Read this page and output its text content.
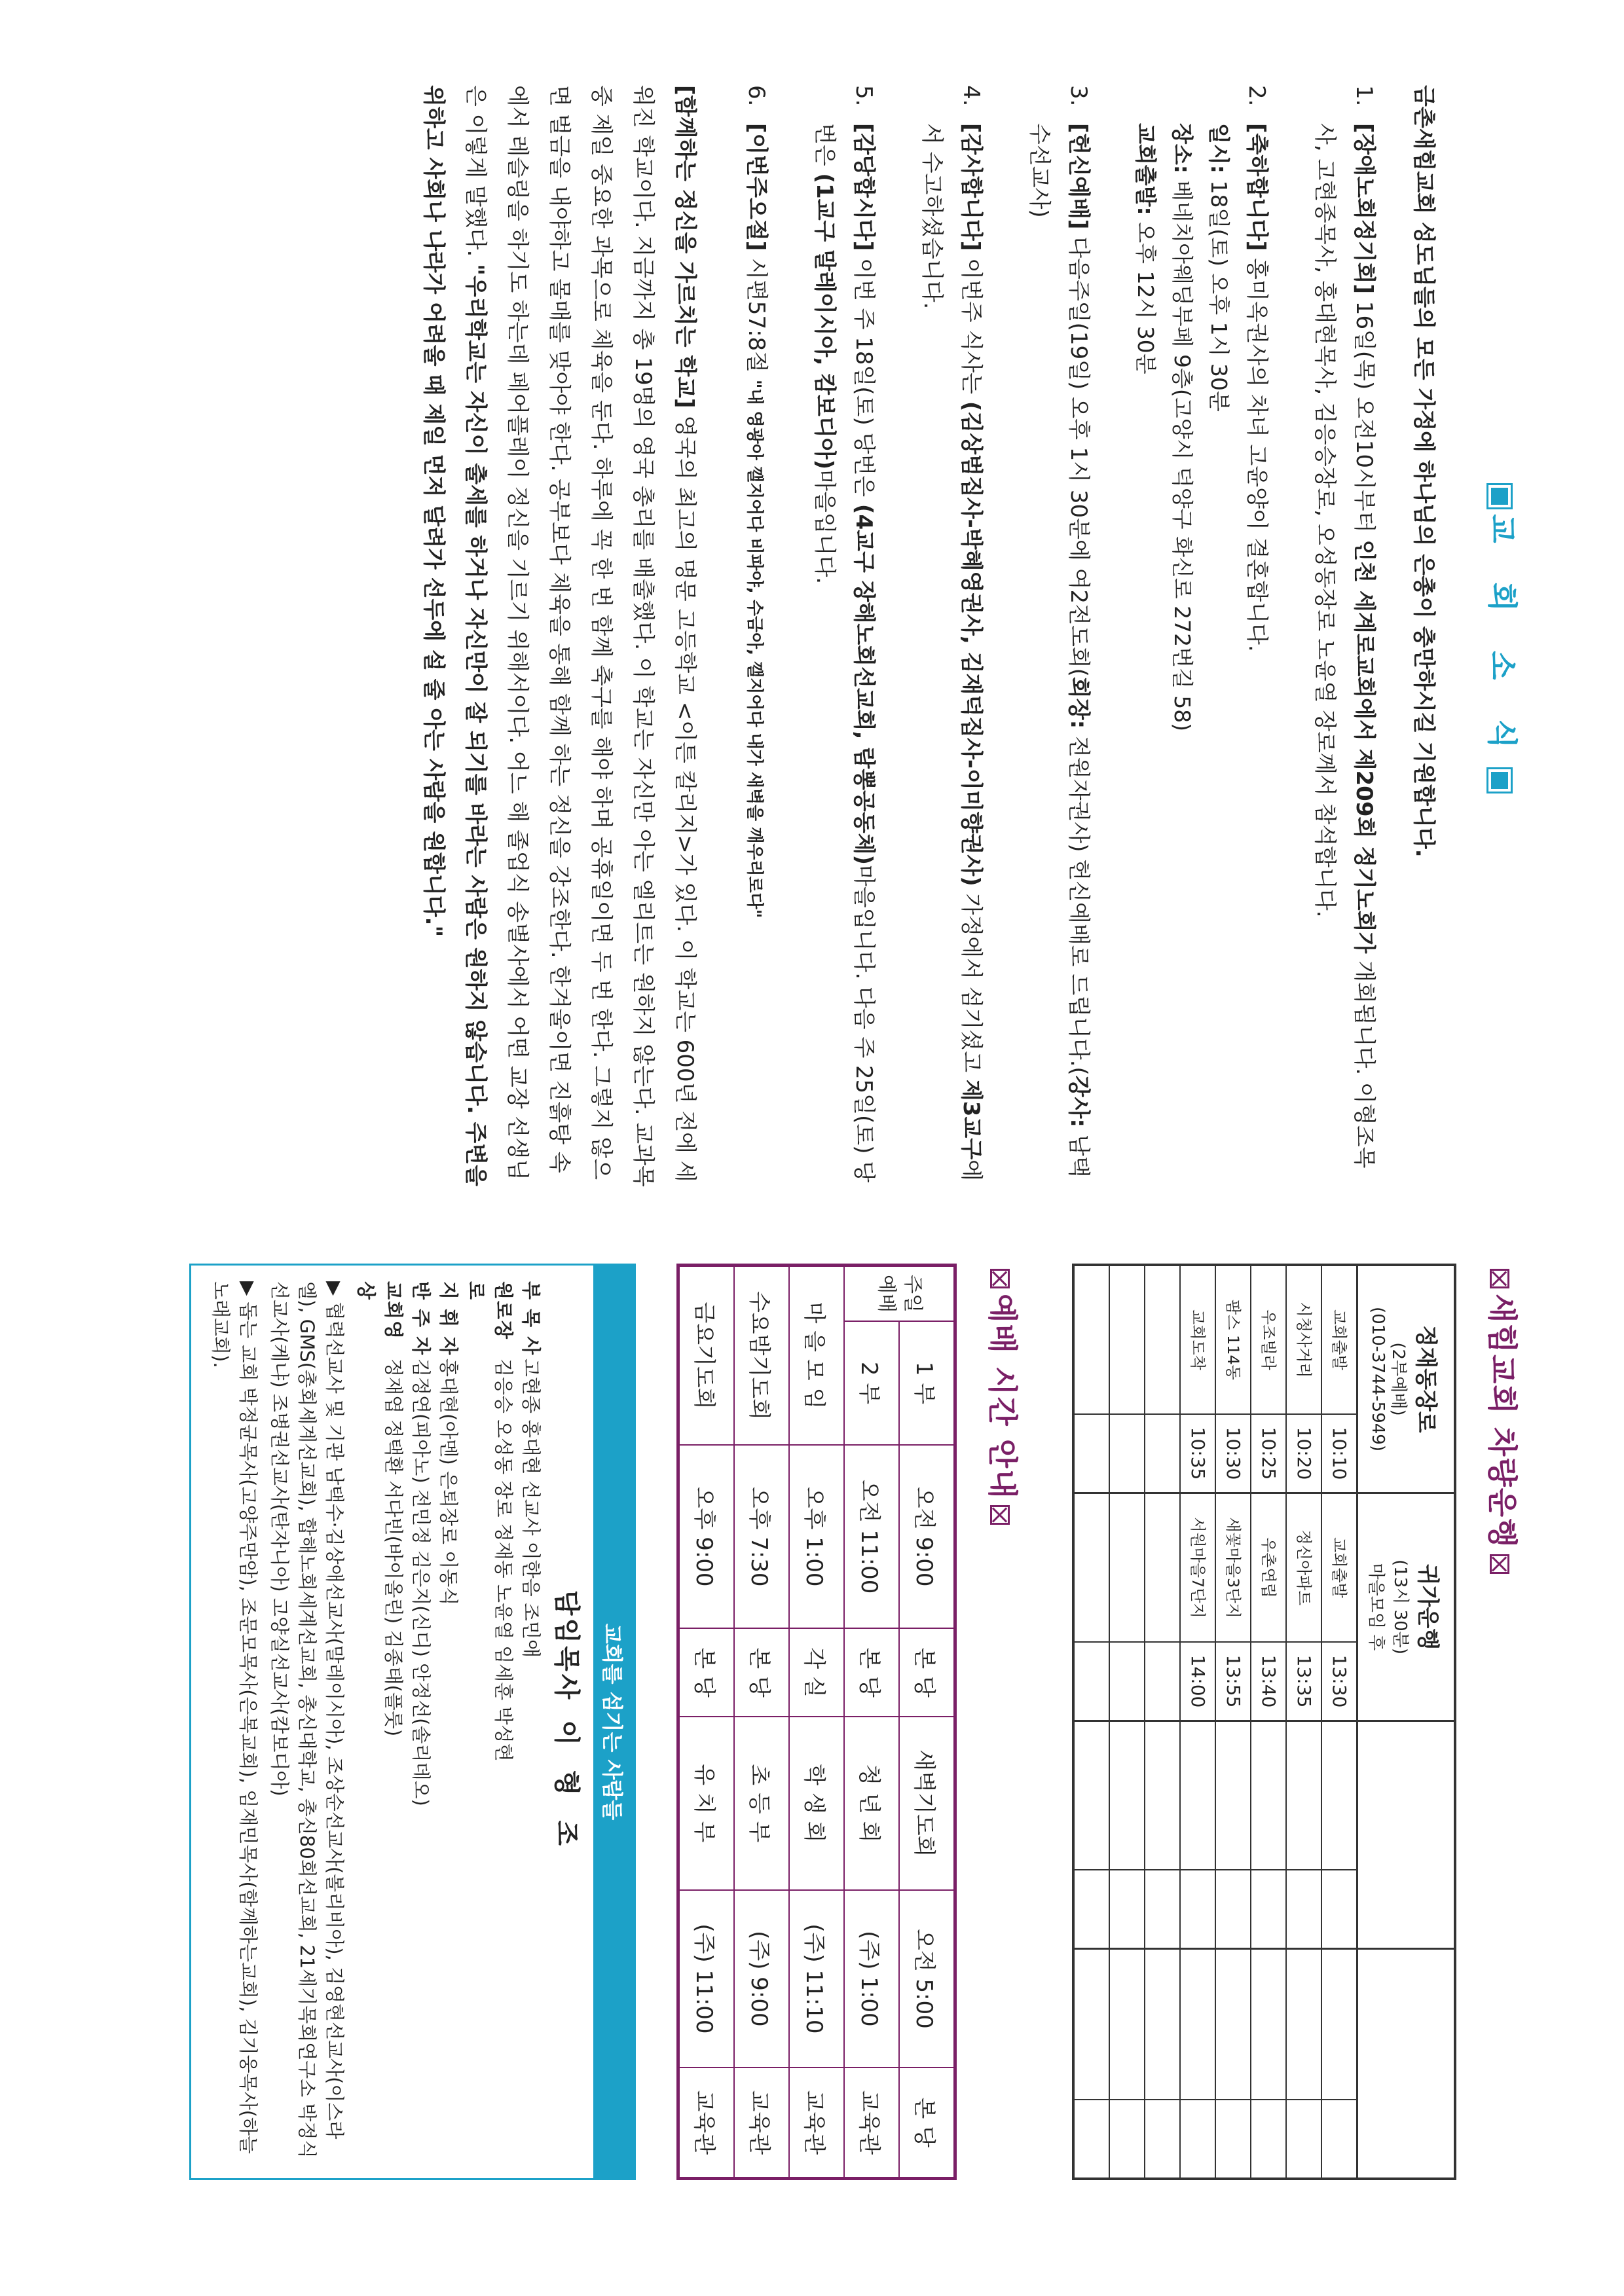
교 회 소 식

금촌새힘교회 성도님들의 모든 가정에 하나님의 은총이 충만하시길 기원합니다.

1.
[장애노회정기회] 16일(목) 오전10시부터 인천 세계로교회에서 제209회 정기노회가 개회됩니다. 이형조목사, 고현종목사, 홍대현목사, 김응승장로, 오성동장로 노윤열 장로께서 참석합니다.
2.
[축하합니다] 홍미옥권사의 차녀 고윤양이 결혼합니다.

일시: 18일(토) 오후 1시 30분

장소: 베네치아웨딩부페 9층(고양시 덕양구 화신로 272번길 58)

교회출발: 오후 12시 30분

3.
[헌신예배] 다음주일(19일) 오후 1시 30분에 여2전도회(회장: 전원자권사) 헌신예배로 드립니다.(강사: 남택수선교사)
4.
[감사합니다] 이번주 식사는 (김상범집사-박혜영권사, 김재덕집사-이미향권사) 가정에서 섬기셨고 제3교구에서 수고하셨습니다.
5.
[감당합시다] 이번 주 18일(토) 당번은 (4교구 장해노회선교회, 람뽕공동체)마을입니다. 다음 주 25일(토) 당번은 (1교구 말레이시아, 캄보디아)마을입니다.
6.
[이번주오절] 시편57:8절 "내 영광아 깰지어다 비파야, 수금아, 깰지어다 내가 새벽을 깨우리로다"
[함께하는 정신을 가르치는 학교] 영국의 최고의 명문 고등학교 <이튼 칼리지>가 있다. 이 학교는 600년 전에 세워진 학교이다. 지금까지 총 19명의 영국 총리를 배출했다. 이 학교는 자신만 아는 엘리트는 원하지 않는다. 교과목 중 제일 중요한 과목으로 체육을 둔다. 하루에 꼭 한 번 함께 축구를 해야 하며 공휴일이면 두 번 한다. 그렇지 않으면 벌금을 내야하고 몰매를 맞아야 한다. 공부보다 체육을 통해 함께 하는 정신을 강조한다. 한겨울이면 진흙탕 속에서 레슬링을 하기도 하는데 페어플레이 정신을 기르기 위해서이다. 어느 해 졸업식 송별사에서 어떤 교장 선생님은 이렇게 말했다. "우리학교는 자신이 출세를 하거나 자신만이 잘 되기를 바라는 사람은 원하지 않습니다. 주변을 위하고 사회나 나라가 어려울 때 제일 먼저 달려가 선두에 설 줄 아는 사람을 원합니다."
새힘교회 차량운행
정재동장로
(2부예배)
(010-3744-5949)
교회출발
10:10
시청사거리
10:20
우조빌라
10:25
팜스 114동
10:30
교회도착
10:35
귀가운행
(13시 30분)
마을모임 후
교회출발
13:30
정신아파트
13:35
우촌연립
13:40
새꽃마을3단지
13:55
서원마을7단지
14:00
예배 시간 안내
주일 예배	1 부	오전 9:00	본 당	새벽기도회	오전 5:00	본 당
	2 부	오전 11:00	본 당	청 년 회	(주) 1:00	교육관
마 을 모 임		오후 1:00	각 실	학 생 회	(주) 11:10	교육관
수요밤기도회		오후 7:30	본 당	초 등 부	(주) 9:00	교육관
금요기도회		오후 9:00	본 당	유 치 부	(주) 11:00	교육관
교회를 섬기는 사람들
담임목사  이 형 조
부 목 사
고현종 홍대현 선교사 이한음 조민애
원로장로
김응승 오성동 장로 정재동 노윤열 임세훈 박성현
지 휘 자
홍대현(아멘) 은퇴장로 이동식
반 주 자
김정연(피아노) 전민정 김은지(신디) 안정선(솔리데오)
교회영상
정재엽 정택환 서다빈(바이올린) 김종태(플룻)
▶ 협력선교사 및 기관 남택수·김상애선교사(말레이시아), 조상순선교사(볼리비아), 김영현선교사(이스라엘), GMS(총회세계선교회), 합해노회세계선교회, 총신대학교, 총신80회선교회, 21세기목회연구소 박정식선교사(케냐) 조병권선교사(탄자니아) 고양실선교사(캄보디아)
▶ 돕는 교회 박정균목사(고양주만암), 조문모목사(은복교회), 임재민목사(함께하는교회), 김기웅목사(하늘노래교회).
